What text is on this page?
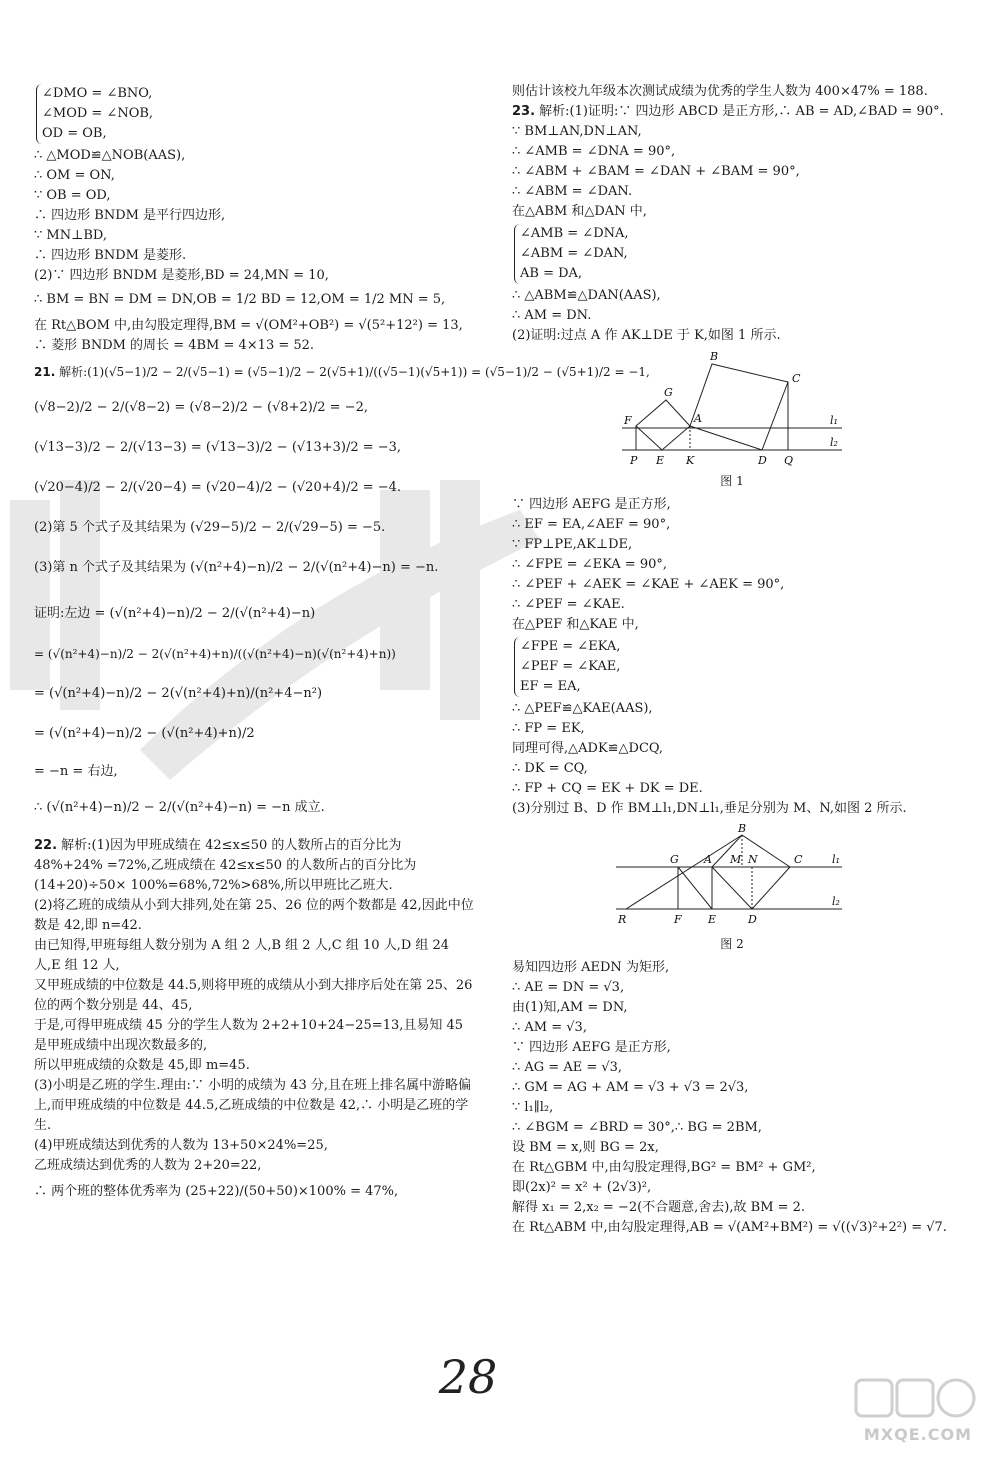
∠DMO = ∠BNO,
∠MOD = ∠NOB,
OD = OB,
∴ △MOD≌△NOB(AAS),
∴ OM = ON,
∵ OB = OD,
∴ 四边形 BNDM 是平行四边形,
∵ MN⊥BD,
∴ 四边形 BNDM 是菱形.
(2)∵ 四边形 BNDM 是菱形,BD = 24,MN = 10,
∴ BM = BN = DM = DN,OB = 1/2 BD = 12,OM = 1/2 MN = 5,
在 Rt△BOM 中,由勾股定理得,BM = √(OM²+OB²) = √(5²+12²) = 13,
∴ 菱形 BNDM 的周长 = 4BM = 4×13 = 52.
21. 解析:(1)(√5−1)/2 − 2/(√5−1) = (√5−1)/2 − 2(√5+1)/((√5−1)(√5+1)) = (√5−1)/2 − (√5+1)/2 = −1,
(√8−2)/2 − 2/(√8−2) = (√8−2)/2 − (√8+2)/2 = −2,
(√13−3)/2 − 2/(√13−3) = (√13−3)/2 − (√13+3)/2 = −3,
(√20−4)/2 − 2/(√20−4) = (√20−4)/2 − (√20+4)/2 = −4.
(2)第 5 个式子及其结果为 (√29−5)/2 − 2/(√29−5) = −5.
(3)第 n 个式子及其结果为 (√(n²+4)−n)/2 − 2/(√(n²+4)−n) = −n.
证明:左边 = (√(n²+4)−n)/2 − 2/(√(n²+4)−n)
= (√(n²+4)−n)/2 − 2(√(n²+4)+n)/((√(n²+4)−n)(√(n²+4)+n))
= (√(n²+4)−n)/2 − 2(√(n²+4)+n)/(n²+4−n²)
= (√(n²+4)−n)/2 − (√(n²+4)+n)/2
= −n = 右边,
∴ (√(n²+4)−n)/2 − 2/(√(n²+4)−n) = −n 成立.
22. 解析:(1)因为甲班成绩在 42≤x≤50 的人数所占的百分比为 48%+24% =72%,乙班成绩在 42≤x≤50 的人数所占的百分比为(14+20)÷50× 100%=68%,72%>68%,所以甲班比乙班大.
(2)将乙班的成绩从小到大排列,处在第 25、26 位的两个数都是 42,因此中位数是 42,即 n=42.
由已知得,甲班每组人数分别为 A 组 2 人,B 组 2 人,C 组 10 人,D 组 24 人,E 组 12 人,
又甲班成绩的中位数是 44.5,则将甲班的成绩从小到大排序后处在第 25、26 位的两个数分别是 44、45,
于是,可得甲班成绩 45 分的学生人数为 2+2+10+24−25=13,且易知 45 是甲班成绩中出现次数最多的,
所以甲班成绩的众数是 45,即 m=45.
(3)小明是乙班的学生.理由:∵ 小明的成绩为 43 分,且在班上排名属中游略偏上,而甲班成绩的中位数是 44.5,乙班成绩的中位数是 42,∴ 小明是乙班的学生.
(4)甲班成绩达到优秀的人数为 13+50×24%=25,
乙班成绩达到优秀的人数为 2+20=22,
∴ 两个班的整体优秀率为 (25+22)/(50+50)×100% = 47%,
则估计该校九年级本次测试成绩为优秀的学生人数为 400×47% = 188.
23. 解析:(1)证明:∵ 四边形 ABCD 是正方形,∴ AB = AD,∠BAD = 90°.
∵ BM⊥AN,DN⊥AN,
∴ ∠AMB = ∠DNA = 90°,
∴ ∠ABM + ∠BAM = ∠DAN + ∠BAM = 90°,
∴ ∠ABM = ∠DAN.
在△ABM 和△DAN 中,
∠AMB = ∠DNA,
∠ABM = ∠DAN,
AB = DA,
∴ △ABM≌△DAN(AAS),
∴ AM = DN.
(2)证明:过点 A 作 AK⊥DE 于 K,如图 1 所示.
B
C
G
F	A
P E K	D Q
l₁
l₂
图 1
∵ 四边形 AEFG 是正方形,
∴ EF = EA,∠AEF = 90°,
∵ FP⊥PE,AK⊥DE,
∴ ∠FPE = ∠EKA = 90°,
∴ ∠PEF + ∠AEK = ∠KAE + ∠AEK = 90°,
∴ ∠PEF = ∠KAE.
在△PEF 和△KAE 中,
∠FPE = ∠EKA,
∠PEF = ∠KAE,
EF = EA,
∴ △PEF≌△KAE(AAS),
∴ FP = EK,
同理可得,△ADK≌△DCQ,
∴ DK = CQ,
∴ FP + CQ = EK + DK = DE.
(3)分别过 B、D 作 BM⊥l₁,DN⊥l₁,垂足分别为 M、N,如图 2 所示.
B
G A M N	C
R	F E	D
l₁
l₂
图 2
易知四边形 AEDN 为矩形,
∴ AE = DN = √3,
由(1)知,AM = DN,
∴ AM = √3,
∵ 四边形 AEFG 是正方形,
∴ AG = AE = √3,
∴ GM = AG + AM = √3 + √3 = 2√3,
∵ l₁∥l₂,
∴ ∠BGM = ∠BRD = 30°,∴ BG = 2BM,
设 BM = x,则 BG = 2x,
在 Rt△GBM 中,由勾股定理得,BG² = BM² + GM²,
即(2x)² = x² + (2√3)²,
解得 x₁ = 2,x₂ = −2(不合题意,舍去),故 BM = 2.
在 Rt△ABM 中,由勾股定理得,AB = √(AM²+BM²) = √((√3)²+2²) = √7.
28
MXQE.COM
